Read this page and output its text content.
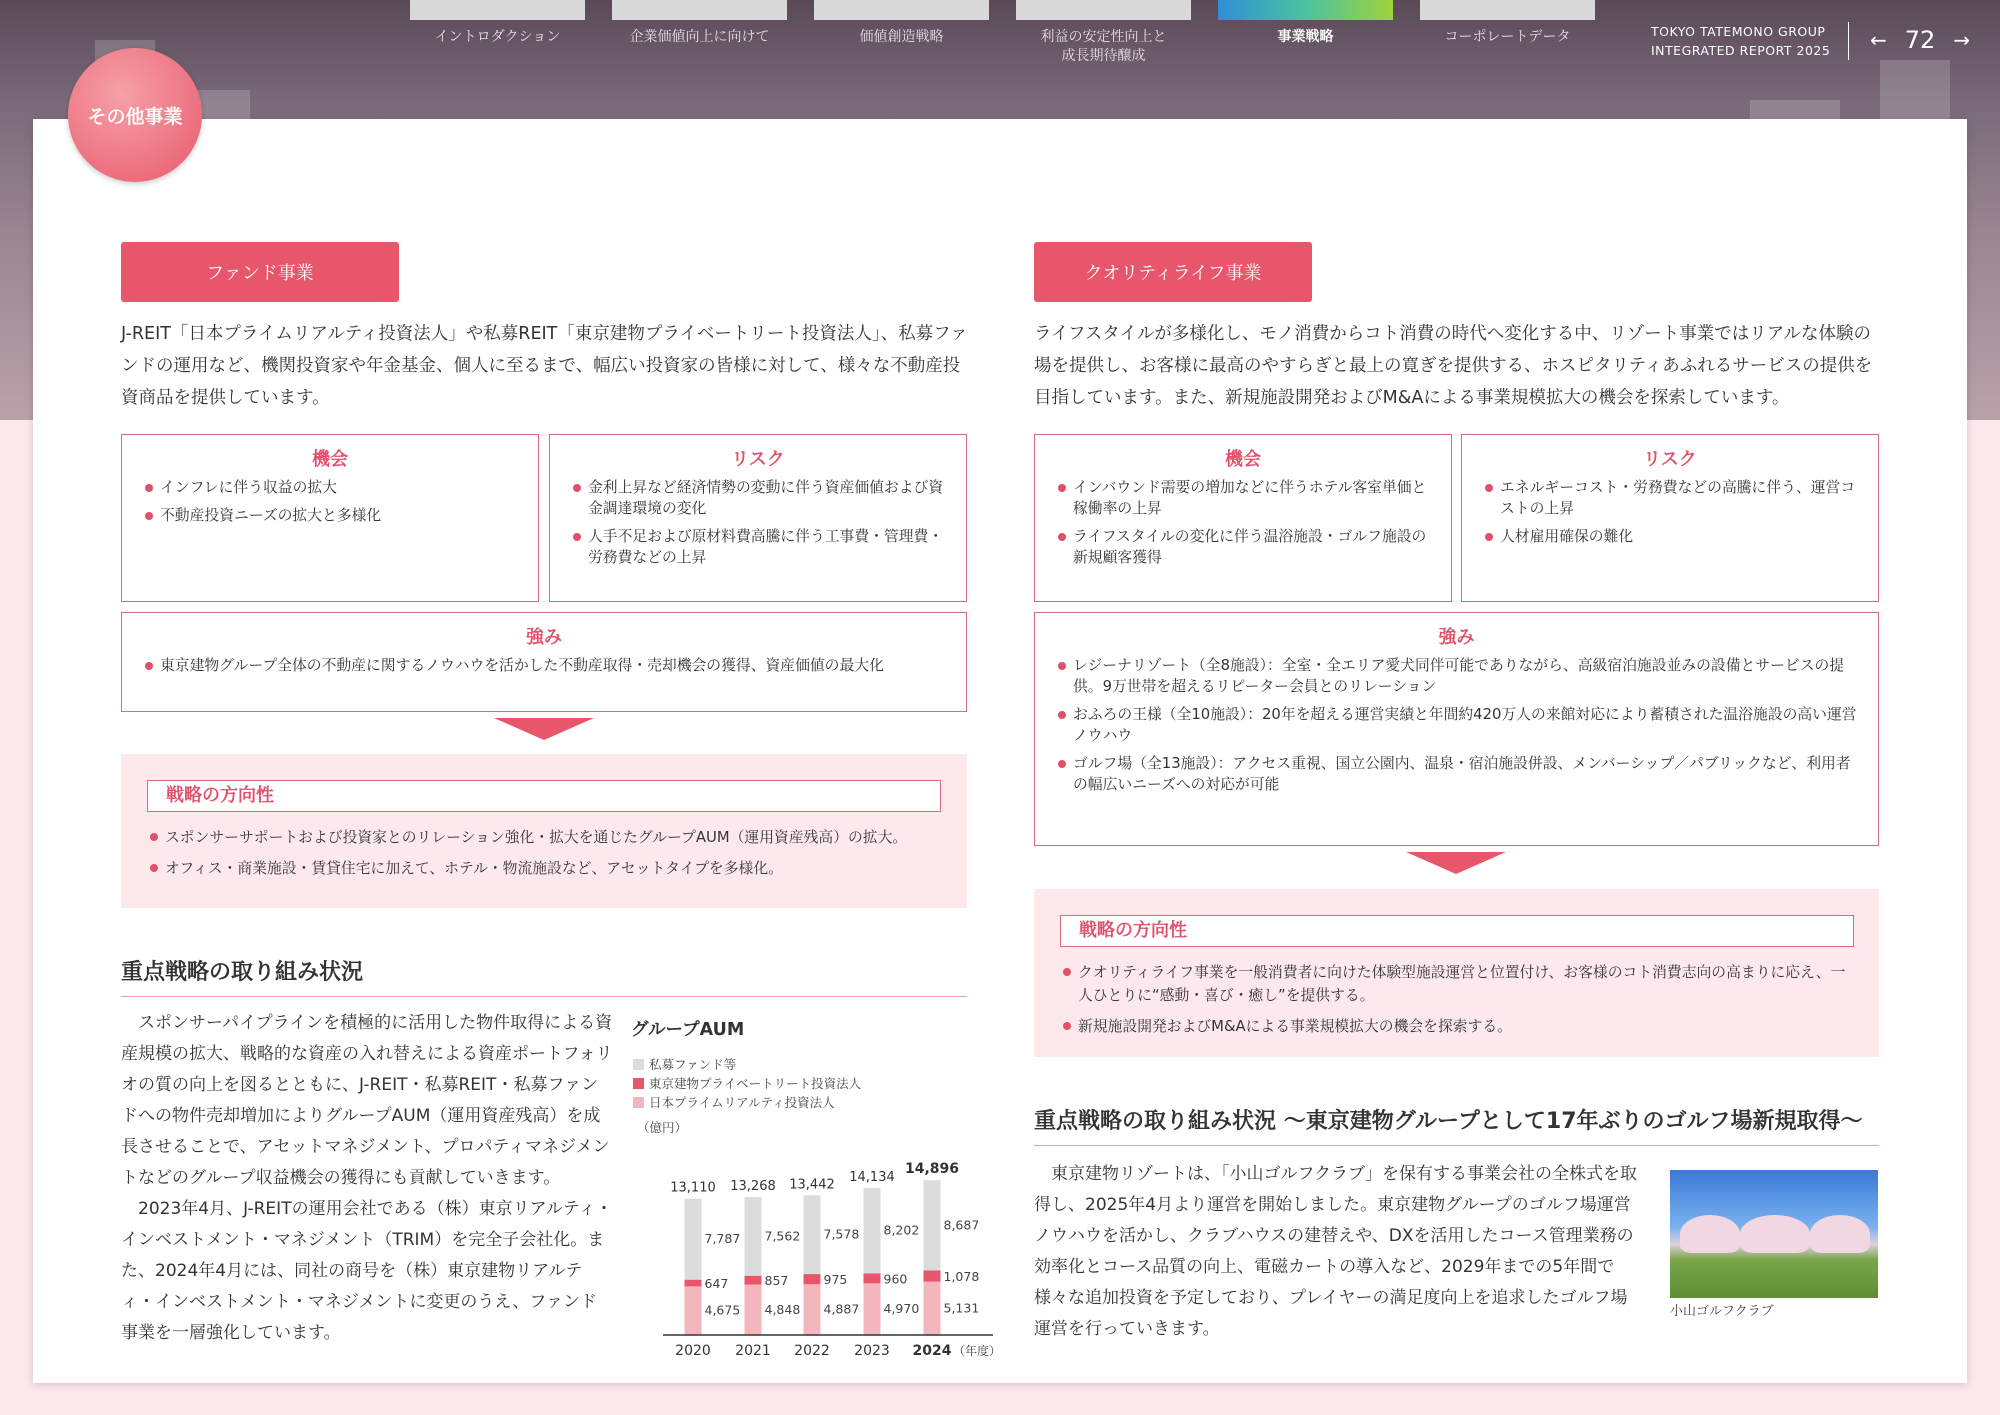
イントロダクション	企業価値向上に向けて	価値創造戦略	利益の安定性向上と
成長期待醸成
事業戦略	コーポレートデータ	TOKYO TATEMONO GROUP
INTEGRATED REPORT 2025 ← 72 →
ファンド事業
J-REIT「日本プライムリアルティ投資法人」や私募REIT「東京建物プライベートリート投資法人」、私募ファンドの運用など、機関投資家や年金基金、個人に至るまで、幅広い投資家の皆様に対して、様々な不動産投資商品を提供しています。
機会
インフレに伴う収益の拡大
不動産投資ニーズの拡大と多様化
リスク
金利上昇など経済情勢の変動に伴う資産価値および資金調達環境の変化
人手不足および原材料費高騰に伴う工事費・管理費・労務費などの上昇
強み
東京建物グループ全体の不動産に関するノウハウを活かした不動産取得・売却機会の獲得、資産価値の最大化
戦略の方向性
スポンサーサポートおよび投資家とのリレーション強化・拡大を通じたグループAUM（運用資産残高）の拡大。
オフィス・商業施設・賃貸住宅に加えて、ホテル・物流施設など、アセットタイプを多様化。
重点戦略の取り組み状況
スポンサーパイプラインを積極的に活用した物件取得による資産規模の拡大、戦略的な資産の入れ替えによる資産ポートフォリオの質の向上を図るとともに、J-REIT・私募REIT・私募ファンドへの物件売却増加によりグループAUM（運用資産残高）を成長させることで、アセットマネジメント、プロパティマネジメントなどのグループ収益機会の獲得にも貢献していきます。
2023年4月、J-REITの運用会社である（株）東京リアルティ・インベストメント・マネジメント（TRIM）を完全子会社化。また、2024年4月には、同社の商号を（株）東京建物リアルティ・インベストメント・マネジメントに変更のうえ、ファンド事業を一層強化しています。
グループAUM
私募ファンド等
東京建物プライベートリート投資法人
日本プライムリアルティ投資法人
（億円）
4,675
647
7,787
13,110
2020
4,848
857
7,562
13,268
2021
4,887
975
7,578
13,442
2022
4,970
960
8,202
14,134
2023
5,131
1,078
8,687
14,896
2024 （年度）
クオリティライフ事業
ライフスタイルが多様化し、モノ消費からコト消費の時代へ変化する中、リゾート事業ではリアルな体験の場を提供し、お客様に最高のやすらぎと最上の寛ぎを提供する、ホスピタリティあふれるサービスの提供を目指しています。また、新規施設開発およびM&Aによる事業規模拡大の機会を探索しています。
機会
インバウンド需要の増加などに伴うホテル客室単価と稼働率の上昇
ライフスタイルの変化に伴う温浴施設・ゴルフ施設の新規顧客獲得
リスク
エネルギーコスト・労務費などの高騰に伴う、運営コストの上昇
人材雇用確保の難化
強み
レジーナリゾート（全8施設）：全室・全エリア愛犬同伴可能でありながら、高級宿泊施設並みの設備とサービスの提供。9万世帯を超えるリピーター会員とのリレーション
おふろの王様（全10施設）：20年を超える運営実績と年間約420万人の来館対応により蓄積された温浴施設の高い運営ノウハウ
ゴルフ場（全13施設）：アクセス重視、国立公園内、温泉・宿泊施設併設、メンバーシップ／パブリックなど、利用者の幅広いニーズへの対応が可能
戦略の方向性
クオリティライフ事業を一般消費者に向けた体験型施設運営と位置付け、お客様のコト消費志向の高まりに応え、一人ひとりに“感動・喜び・癒し”を提供する。
新規施設開発およびM&Aによる事業規模拡大の機会を探索する。
重点戦略の取り組み状況 〜東京建物グループとして17年ぶりのゴルフ場新規取得〜
東京建物リゾートは、「小山ゴルフクラブ」を保有する事業会社の全株式を取得し、2025年4月より運営を開始しました。東京建物グループのゴルフ場運営ノウハウを活かし、クラブハウスの建替えや、DXを活用したコース管理業務の効率化とコース品質の向上、電磁カートの導入など、2029年までの5年間で様々な追加投資を予定しており、プレイヤーの満足度向上を追求したゴルフ場運営を行っていきます。
その他事業
小山ゴルフクラブ
